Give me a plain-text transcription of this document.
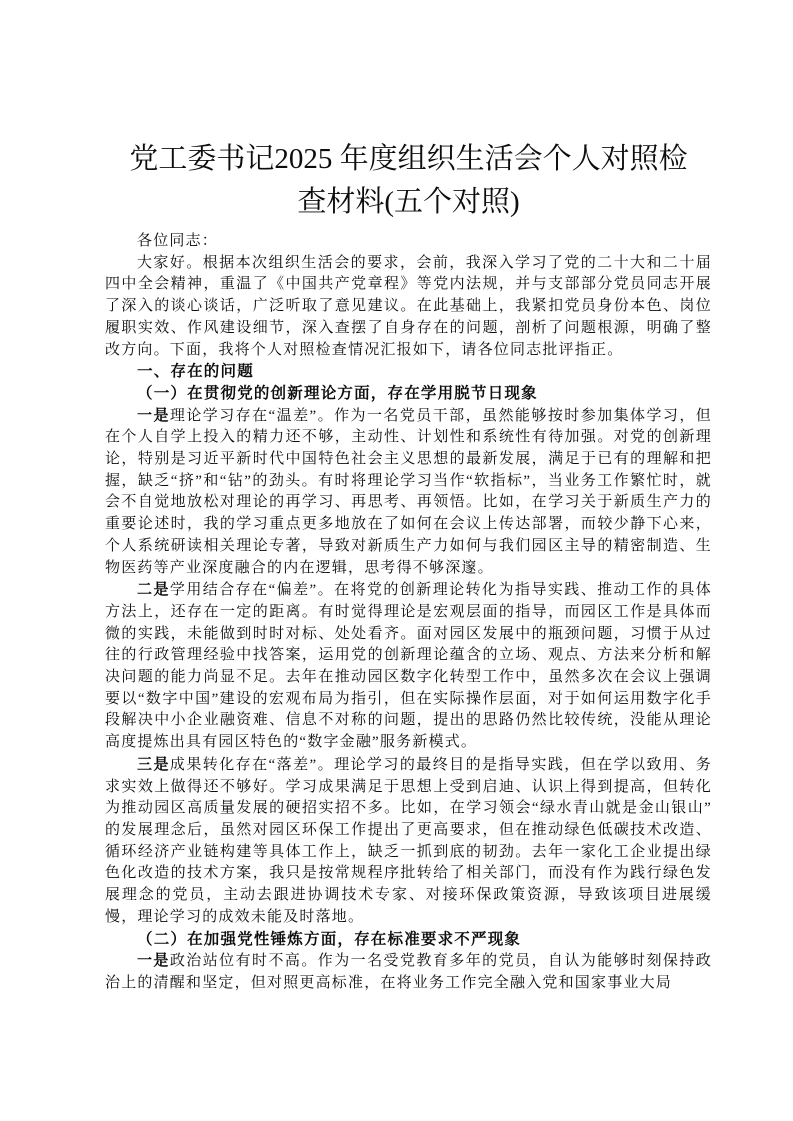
党工委书记2025 年度组织生活会个人对照检
查材料(五个对照)

各位同志：

大家好。根据本次组织生活会的要求，会前，我深入学习了党的二十大和二十届四中全会精神，重温了《中国共产党章程》等党内法规，并与支部部分党员同志开展了深入的谈心谈话，广泛听取了意见建议。在此基础上，我紧扣党员身份本色、岗位履职实效、作风建设细节，深入查摆了自身存在的问题，剖析了问题根源，明确了整改方向。下面，我将个人对照检查情况汇报如下，请各位同志批评指正。

一、存在的问题

（一）在贯彻党的创新理论方面，存在学用脱节日现象

一是理论学习存在“温差”。作为一名党员干部，虽然能够按时参加集体学习，但在个人自学上投入的精力还不够，主动性、计划性和系统性有待加强。对党的创新理论，特别是习近平新时代中国特色社会主义思想的最新发展，满足于已有的理解和把握，缺乏“挤”和“钻”的劲头。有时将理论学习当作“软指标”，当业务工作繁忙时，就会不自觉地放松对理论的再学习、再思考、再领悟。比如，在学习关于新质生产力的重要论述时，我的学习重点更多地放在了如何在会议上传达部署，而较少静下心来，个人系统研读相关理论专著，导致对新质生产力如何与我们园区主导的精密制造、生物医药等产业深度融合的内在逻辑，思考得不够深邃。

二是学用结合存在“偏差”。在将党的创新理论转化为指导实践、推动工作的具体方法上，还存在一定的距离。有时觉得理论是宏观层面的指导，而园区工作是具体而微的实践，未能做到时时对标、处处看齐。面对园区发展中的瓶颈问题，习惯于从过往的行政管理经验中找答案，运用党的创新理论蕴含的立场、观点、方法来分析和解决问题的能力尚显不足。去年在推动园区数字化转型工作中，虽然多次在会议上强调要以“数字中国”建设的宏观布局为指引，但在实际操作层面，对于如何运用数字化手段解决中小企业融资难、信息不对称的问题，提出的思路仍然比较传统，没能从理论高度提炼出具有园区特色的“数字金融”服务新模式。

三是成果转化存在“落差”。理论学习的最终目的是指导实践，但在学以致用、务求实效上做得还不够好。学习成果满足于思想上受到启迪、认识上得到提高，但转化为推动园区高质量发展的硬招实招不多。比如，在学习领会“绿水青山就是金山银山”的发展理念后，虽然对园区环保工作提出了更高要求，但在推动绿色低碳技术改造、循环经济产业链构建等具体工作上，缺乏一抓到底的韧劲。去年一家化工企业提出绿色化改造的技术方案，我只是按常规程序批转给了相关部门，而没有作为践行绿色发展理念的党员，主动去跟进协调技术专家、对接环保政策资源，导致该项目进展缓慢，理论学习的成效未能及时落地。

（二）在加强党性锤炼方面，存在标准要求不严现象

一是政治站位有时不高。作为一名受党教育多年的党员，自认为能够时刻保持政治上的清醒和坚定，但对照更高标准，在将业务工作完全融入党和国家事业大局
